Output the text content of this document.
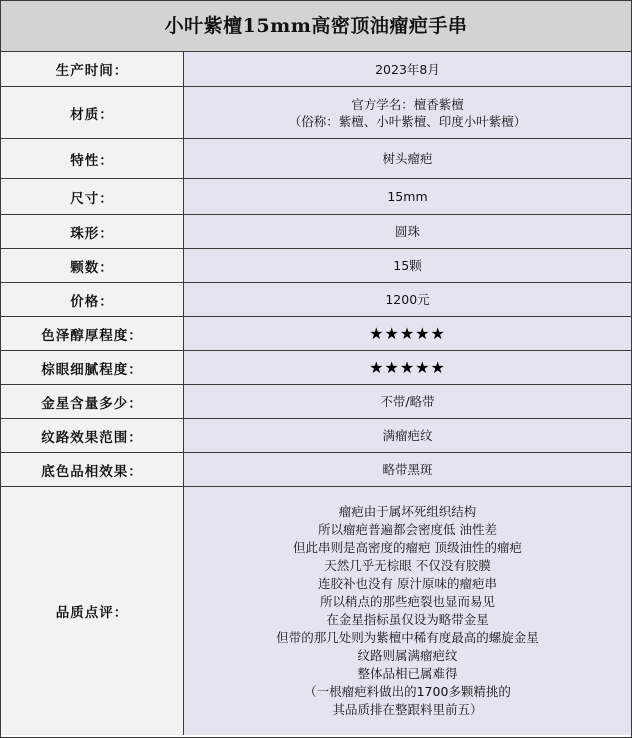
小叶紫檀15mm高密顶油瘤疤手串
生产时间：	2023年8月
材质：
官方学名：檀香紫檀
（俗称：紫檀、小叶紫檀、印度小叶紫檀）
特性：	树头瘤疤
尺寸：	15mm
珠形：	圆珠
颗数：	15颗
价格：	1200元
色泽醇厚程度：	★★★★★
棕眼细腻程度：	★★★★★
金星含量多少：	不带/略带
纹路效果范围：	满瘤疤纹
底色品相效果：	略带黑斑
品质点评：
瘤疤由于属坏死组织结构
所以瘤疤普遍都会密度低 油性差
但此串则是高密度的瘤疤 顶级油性的瘤疤
天然几乎无棕眼 不仅没有胶膜
连胶补也没有 原汁原味的瘤疤串
所以稍点的那些疤裂也显而易见
在金星指标虽仅设为略带金星
但带的那几处则为紫檀中稀有度最高的螺旋金星
纹路则属满瘤疤纹
整体品相已属难得
（一根瘤疤料做出的1700多颗精挑的
其品质排在整跟料里前五）
